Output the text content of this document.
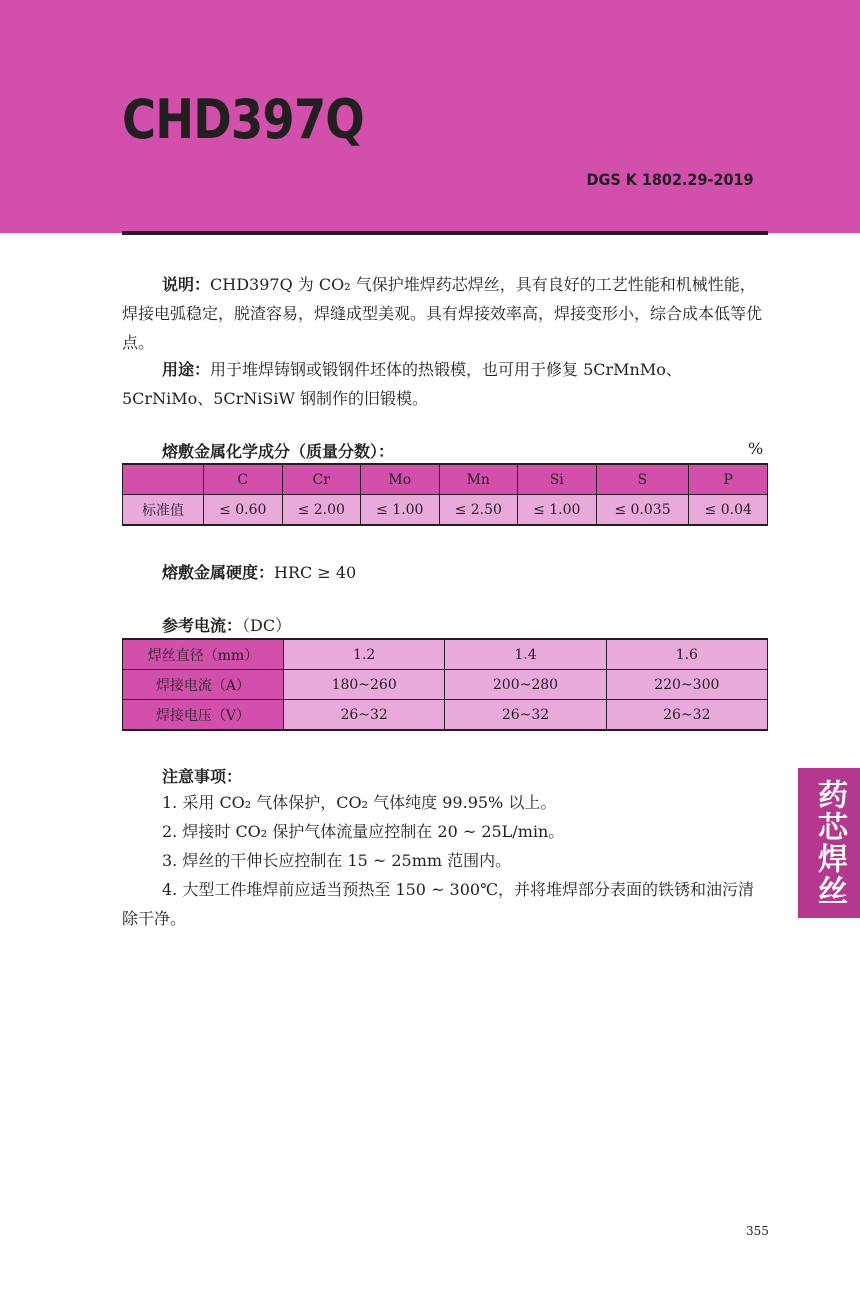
CHD397Q
DGS K 1802.29-2019

说明：CHD397Q 为 CO₂ 气保护堆焊药芯焊丝，具有良好的工艺性能和机械性能，焊接电弧稳定，脱渣容易，焊缝成型美观。具有焊接效率高，焊接变形小，综合成本低等优点。

用途：用于堆焊铸钢或锻钢件坯体的热锻模，也可用于修复 5CrMnMo、5CrNiMo、5CrNiSiW 钢制作的旧锻模。

熔敷金属化学成分（质量分数）：	%
	C	Cr	Mo	Mn	Si	S	P
标准值	≤ 0.60	≤ 2.00	≤ 1.00	≤ 2.50	≤ 1.00	≤ 0.035	≤ 0.04
熔敷金属硬度：HRC ≥ 40
参考电流：（DC）
焊丝直径（mm）	1.2	1.4	1.6
焊接电流（A）	180~260	200~280	220~300
焊接电压（V）	26~32	26~32	26~32
注意事项：
1. 采用 CO₂ 气体保护，CO₂ 气体纯度 99.95% 以上。
2. 焊接时 CO₂ 保护气体流量应控制在 20 ~ 25L/min。
3. 焊丝的干伸长应控制在 15 ~ 25mm 范围内。
4. 大型工件堆焊前应适当预热至 150 ~ 300℃，并将堆焊部分表面的铁锈和油污清除干净。
药芯焊丝
355
